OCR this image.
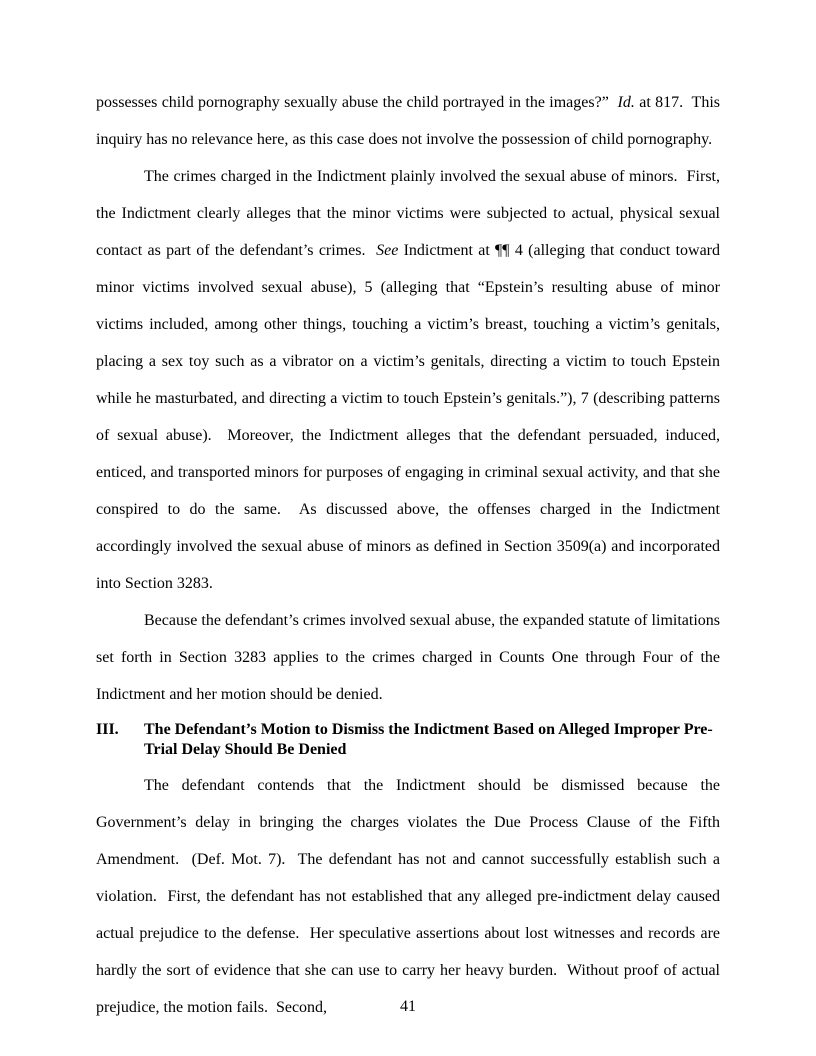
possesses child pornography sexually abuse the child portrayed in the images?”  Id. at 817.  This inquiry has no relevance here, as this case does not involve the possession of child pornography.

The crimes charged in the Indictment plainly involved the sexual abuse of minors.  First, the Indictment clearly alleges that the minor victims were subjected to actual, physical sexual contact as part of the defendant’s crimes.  See Indictment at ¶¶ 4 (alleging that conduct toward minor victims involved sexual abuse), 5 (alleging that “Epstein’s resulting abuse of minor victims included, among other things, touching a victim’s breast, touching a victim’s genitals, placing a sex toy such as a vibrator on a victim’s genitals, directing a victim to touch Epstein while he masturbated, and directing a victim to touch Epstein’s genitals.”), 7 (describing patterns of sexual abuse).  Moreover, the Indictment alleges that the defendant persuaded, induced, enticed, and transported minors for purposes of engaging in criminal sexual activity, and that she conspired to do the same.  As discussed above, the offenses charged in the Indictment accordingly involved the sexual abuse of minors as defined in Section 3509(a) and incorporated into Section 3283.

Because the defendant’s crimes involved sexual abuse, the expanded statute of limitations set forth in Section 3283 applies to the crimes charged in Counts One through Four of the Indictment and her motion should be denied.

III. The Defendant’s Motion to Dismiss the Indictment Based on Alleged Improper Pre-Trial Delay Should Be Denied

The defendant contends that the Indictment should be dismissed because the Government’s delay in bringing the charges violates the Due Process Clause of the Fifth Amendment.  (Def. Mot. 7).  The defendant has not and cannot successfully establish such a violation.  First, the defendant has not established that any alleged pre-indictment delay caused actual prejudice to the defense.  Her speculative assertions about lost witnesses and records are hardly the sort of evidence that she can use to carry her heavy burden.  Without proof of actual prejudice, the motion fails.  Second,	41
